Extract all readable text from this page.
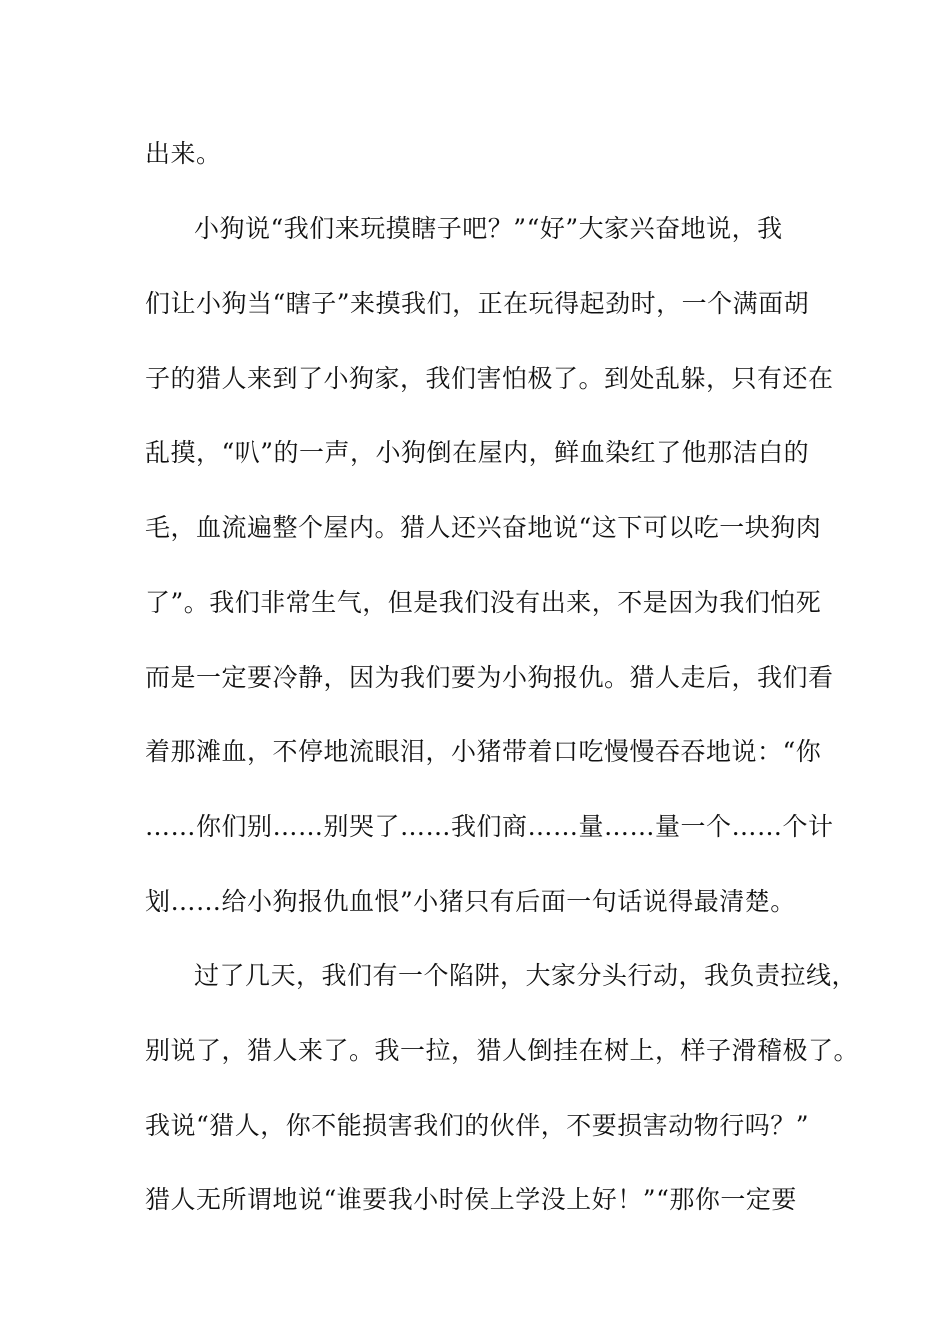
出来。
小狗说“我们来玩摸瞎子吧？”“好”大家兴奋地说，我
们让小狗当“瞎子”来摸我们，正在玩得起劲时，一个满面胡
子的猎人来到了小狗家，我们害怕极了。到处乱躲，只有还在
乱摸，“叭”的一声，小狗倒在屋内，鲜血染红了他那洁白的
毛，血流遍整个屋内。猎人还兴奋地说“这下可以吃一块狗肉
了”。我们非常生气，但是我们没有出来，不是因为我们怕死
而是一定要冷静，因为我们要为小狗报仇。猎人走后，我们看
着那滩血，不停地流眼泪，小猪带着口吃慢慢吞吞地说：“你
……你们别……别哭了……我们商……量……量一个……个计
划……给小狗报仇血恨”小猪只有后面一句话说得最清楚。
过了几天，我们有一个陷阱，大家分头行动，我负责拉线，
别说了，猎人来了。我一拉，猎人倒挂在树上，样子滑稽极了。
我说“猎人，你不能损害我们的伙伴，不要损害动物行吗？”
猎人无所谓地说“谁要我小时侯上学没上好！”“那你一定要
